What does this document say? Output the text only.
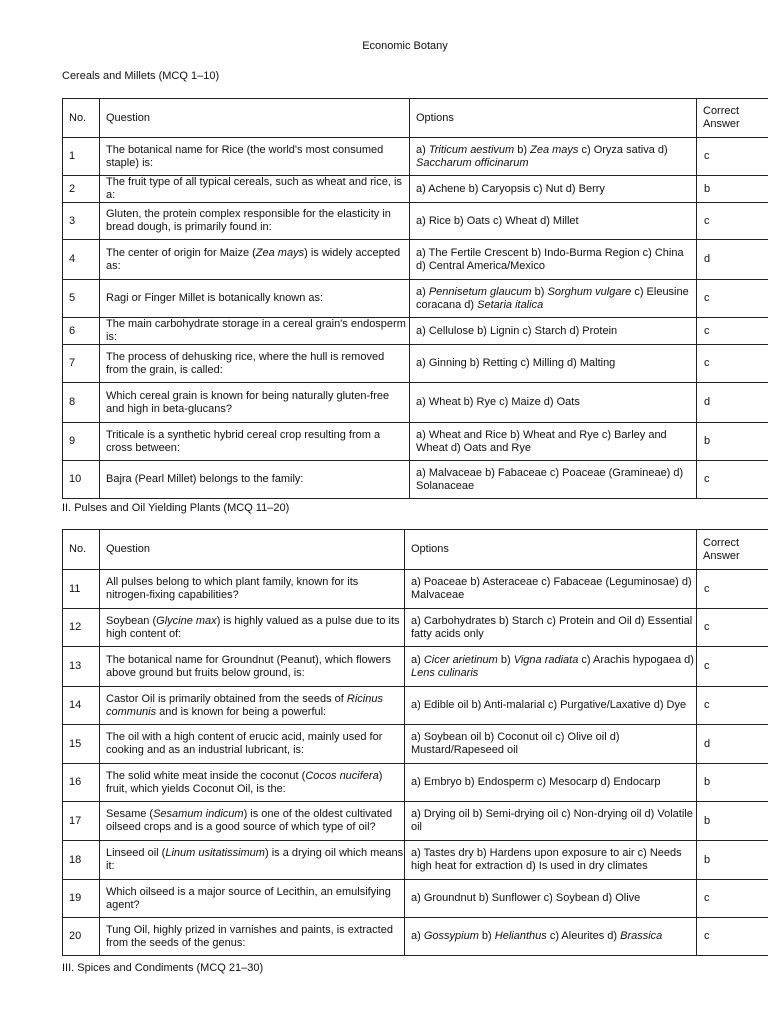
Economic Botany
Cereals and Millets (MCQ 1–10)
No.	Question	Options	Correct Answer
1	The botanical name for Rice (the world's most consumed staple) is:	a) Triticum aestivum b) Zea mays c) Oryza sativa d) Saccharum officinarum	c
2	The fruit type of all typical cereals, such as wheat and rice, is a:	a) Achene b) Caryopsis c) Nut d) Berry	b
3	Gluten, the protein complex responsible for the elasticity in bread dough, is primarily found in:	a) Rice b) Oats c) Wheat d) Millet	c
4	The center of origin for Maize (Zea mays) is widely accepted as:	a) The Fertile Crescent b) Indo-Burma Region c) China d) Central America/Mexico	d
5	Ragi or Finger Millet is botanically known as:	a) Pennisetum glaucum b) Sorghum vulgare c) Eleusine coracana d) Setaria italica	c
6	The main carbohydrate storage in a cereal grain's endosperm is:	a) Cellulose b) Lignin c) Starch d) Protein	c
7	The process of dehusking rice, where the hull is removed from the grain, is called:	a) Ginning b) Retting c) Milling d) Malting	c
8	Which cereal grain is known for being naturally gluten-free and high in beta-glucans?	a) Wheat b) Rye c) Maize d) Oats	d
9	Triticale is a synthetic hybrid cereal crop resulting from a cross between:	a) Wheat and Rice b) Wheat and Rye c) Barley and Wheat d) Oats and Rye	b
10	Bajra (Pearl Millet) belongs to the family:	a) Malvaceae b) Fabaceae c) Poaceae (Gramineae) d) Solanaceae	c
II. Pulses and Oil Yielding Plants (MCQ 11–20)
No.	Question	Options	Correct Answer
11	All pulses belong to which plant family, known for its nitrogen-fixing capabilities?	a) Poaceae b) Asteraceae c) Fabaceae (Leguminosae) d) Malvaceae	c
12	Soybean (Glycine max) is highly valued as a pulse due to its high content of:	a) Carbohydrates b) Starch c) Protein and Oil d) Essential fatty acids only	c
13	The botanical name for Groundnut (Peanut), which flowers above ground but fruits below ground, is:	a) Cicer arietinum b) Vigna radiata c) Arachis hypogaea d) Lens culinaris	c
14	Castor Oil is primarily obtained from the seeds of Ricinus communis and is known for being a powerful:	a) Edible oil b) Anti-malarial c) Purgative/Laxative d) Dye	c
15	The oil with a high content of erucic acid, mainly used for cooking and as an industrial lubricant, is:	a) Soybean oil b) Coconut oil c) Olive oil d) Mustard/Rapeseed oil	d
16	The solid white meat inside the coconut (Cocos nucifera) fruit, which yields Coconut Oil, is the:	a) Embryo b) Endosperm c) Mesocarp d) Endocarp	b
17	Sesame (Sesamum indicum) is one of the oldest cultivated oilseed crops and is a good source of which type of oil?	a) Drying oil b) Semi-drying oil c) Non-drying oil d) Volatile oil	b
18	Linseed oil (Linum usitatissimum) is a drying oil which means it:	a) Tastes dry b) Hardens upon exposure to air c) Needs high heat for extraction d) Is used in dry climates	b
19	Which oilseed is a major source of Lecithin, an emulsifying agent?	a) Groundnut b) Sunflower c) Soybean d) Olive	c
20	Tung Oil, highly prized in varnishes and paints, is extracted from the seeds of the genus:	a) Gossypium b) Helianthus c) Aleurites d) Brassica	c
III. Spices and Condiments (MCQ 21–30)
